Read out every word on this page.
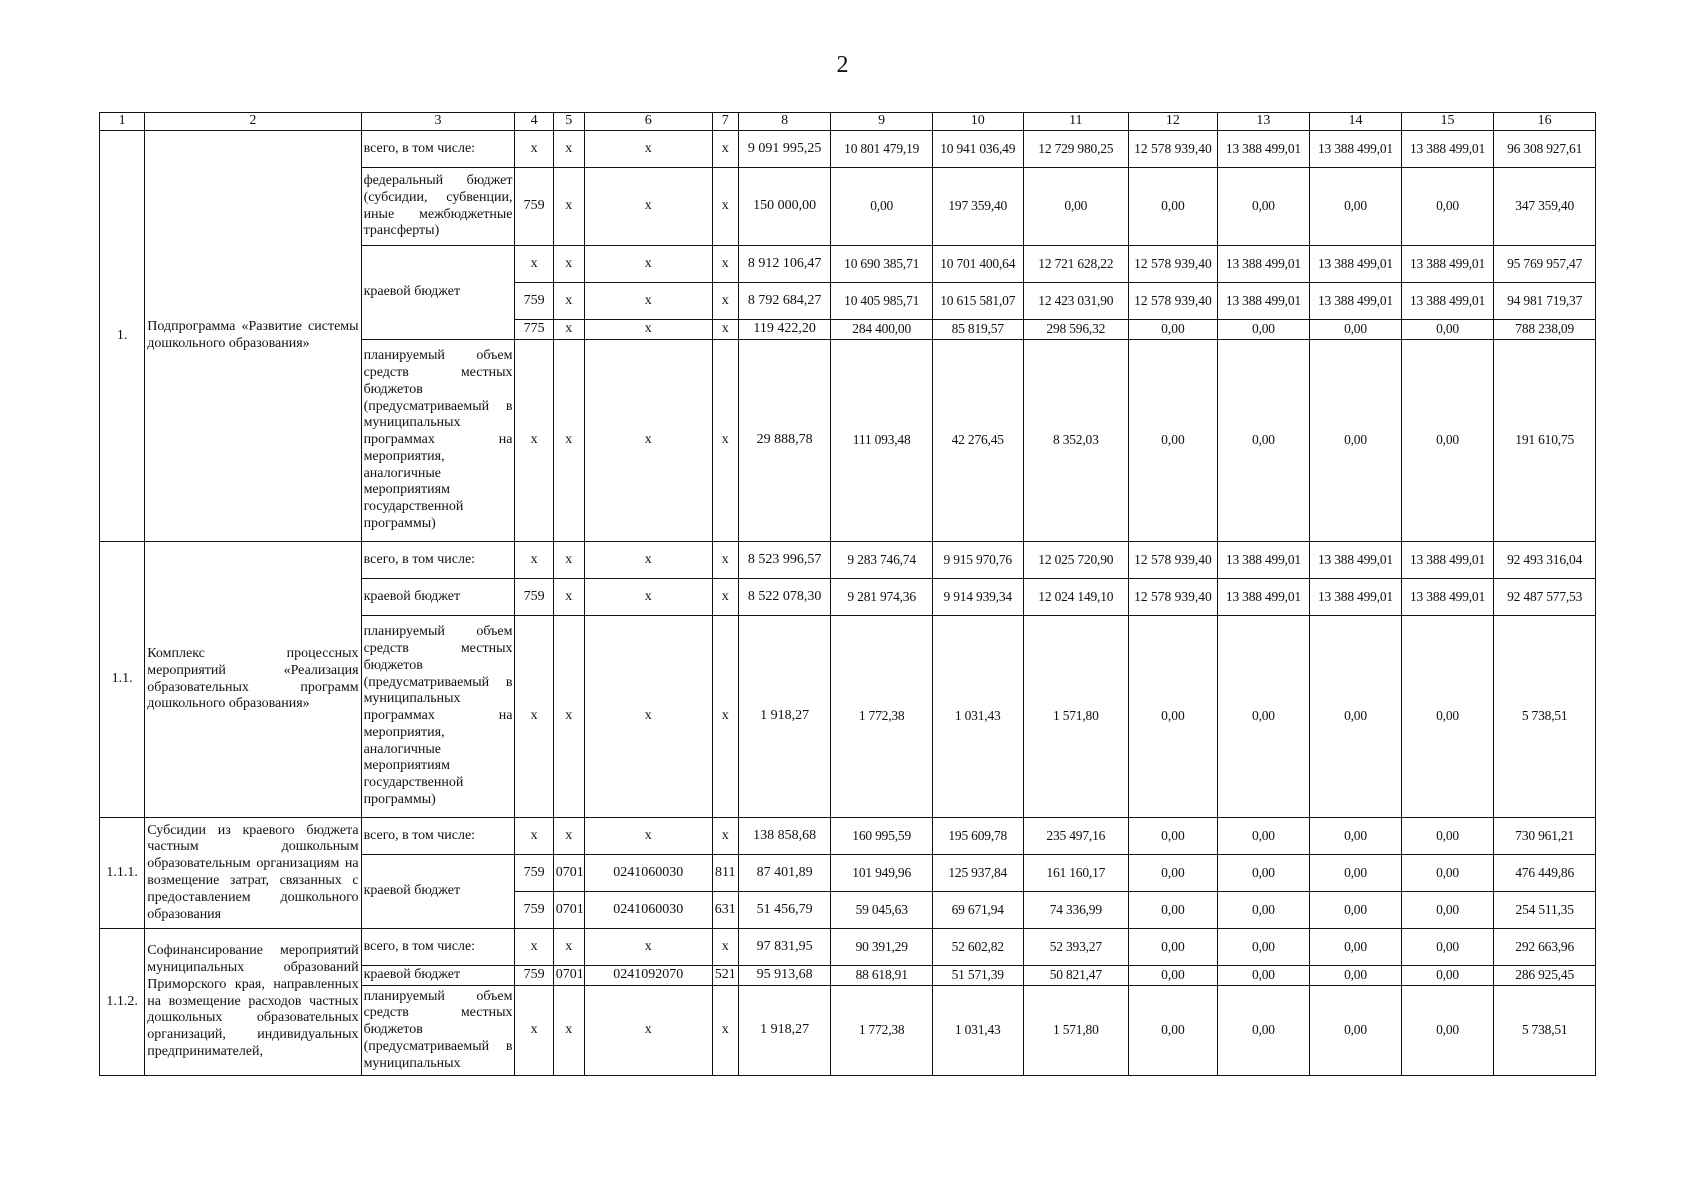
2
1	2	3	4	5	6	7	8	9	10	11	12	13	14	15	16
1.	Подпрограмма «Развитие системы дошкольного образования»	всего, в том числе:	x	x	x	x	9 091 995,25	10 801 479,19	10 941 036,49	12 729 980,25	12 578 939,40	13 388 499,01	13 388 499,01	13 388 499,01	96 308 927,61
		федеральный бюджет (субсидии, субвенции, иные межбюджетные трансферты)	759	x	x	x	150 000,00	0,00	197 359,40	0,00	0,00	0,00	0,00	0,00	347 359,40
		краевой бюджет	x	x	x	x	8 912 106,47	10 690 385,71	10 701 400,64	12 721 628,22	12 578 939,40	13 388 499,01	13 388 499,01	13 388 499,01	95 769 957,47
			759	x	x	x	8 792 684,27	10 405 985,71	10 615 581,07	12 423 031,90	12 578 939,40	13 388 499,01	13 388 499,01	13 388 499,01	94 981 719,37
			775	x	x	x	119 422,20	284 400,00	85 819,57	298 596,32	0,00	0,00	0,00	0,00	788 238,09
		планируемый объем средств местных бюджетов (предусматриваемый в муниципальных программах на мероприятия, аналогичные мероприятиям государственной программы)	x	x	x	x	29 888,78	111 093,48	42 276,45	8 352,03	0,00	0,00	0,00	0,00	191 610,75
1.1.	Комплекс процессных мероприятий «Реализация образовательных программ дошкольного образования»	всего, в том числе:	x	x	x	x	8 523 996,57	9 283 746,74	9 915 970,76	12 025 720,90	12 578 939,40	13 388 499,01	13 388 499,01	13 388 499,01	92 493 316,04
		краевой бюджет	759	x	x	x	8 522 078,30	9 281 974,36	9 914 939,34	12 024 149,10	12 578 939,40	13 388 499,01	13 388 499,01	13 388 499,01	92 487 577,53
		планируемый объем средств местных бюджетов (предусматриваемый в муниципальных программах на мероприятия, аналогичные мероприятиям государственной программы)	x	x	x	x	1 918,27	1 772,38	1 031,43	1 571,80	0,00	0,00	0,00	0,00	5 738,51
1.1.1.	Субсидии из краевого бюджета частным дошкольным образовательным организациям на возмещение затрат, связанных с предоставлением дошкольного образования	всего, в том числе:	x	x	x	x	138 858,68	160 995,59	195 609,78	235 497,16	0,00	0,00	0,00	0,00	730 961,21
		краевой бюджет	759	0701	0241060030	811	87 401,89	101 949,96	125 937,84	161 160,17	0,00	0,00	0,00	0,00	476 449,86
			759	0701	0241060030	631	51 456,79	59 045,63	69 671,94	74 336,99	0,00	0,00	0,00	0,00	254 511,35
1.1.2.	Софинансирование мероприятий муниципальных образований Приморского края, направленных на возмещение расходов частных дошкольных образовательных организаций, индивидуальных предпринимателей,	всего, в том числе:	x	x	x	x	97 831,95	90 391,29	52 602,82	52 393,27	0,00	0,00	0,00	0,00	292 663,96
		краевой бюджет	759	0701	0241092070	521	95 913,68	88 618,91	51 571,39	50 821,47	0,00	0,00	0,00	0,00	286 925,45
		планируемый объем средств местных бюджетов (предусматриваемый в муниципальных	x	x	x	x	1 918,27	1 772,38	1 031,43	1 571,80	0,00	0,00	0,00	0,00	5 738,51
